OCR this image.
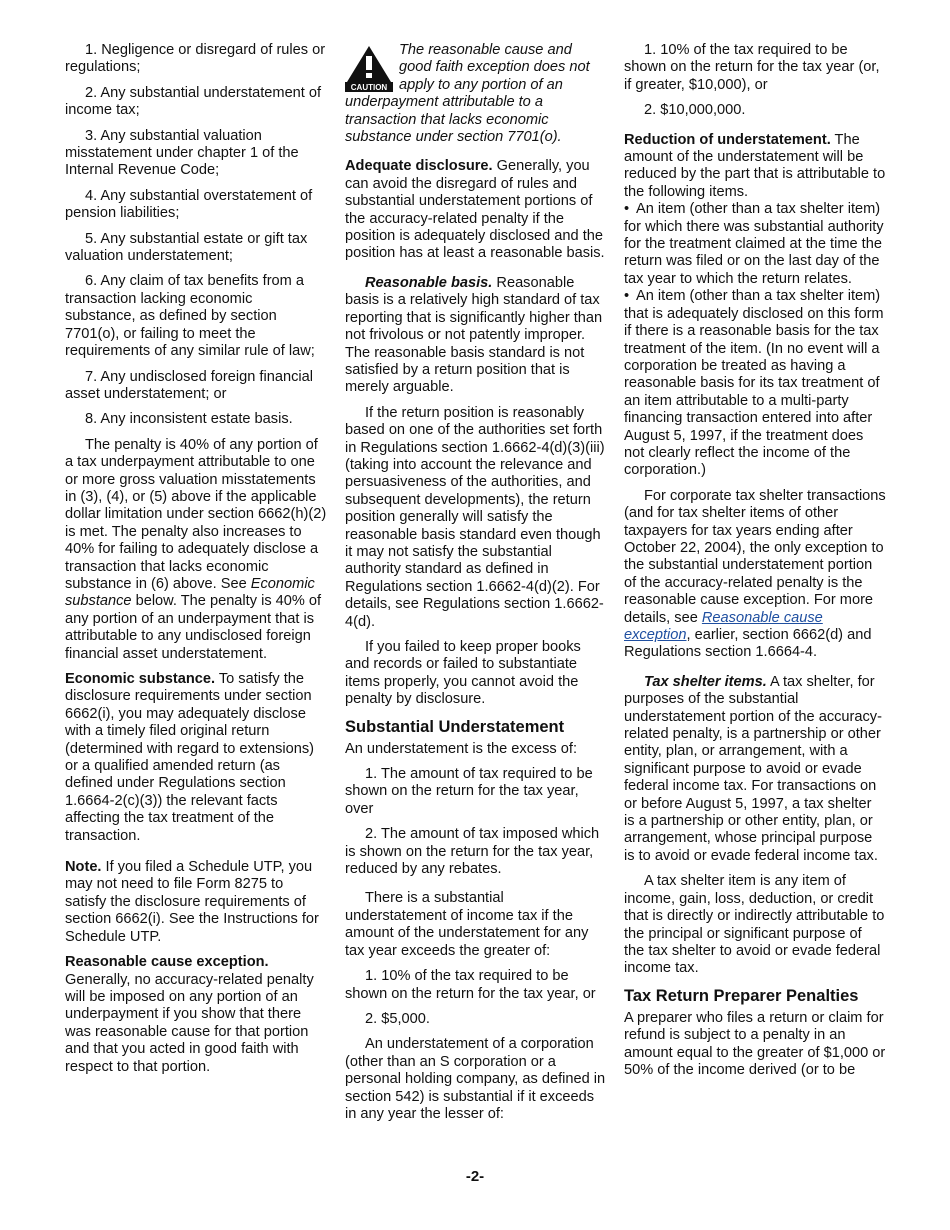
1. Negligence or disregard of rules or regulations;

2. Any substantial understatement of income tax;

3. Any substantial valuation misstatement under chapter 1 of the Internal Revenue Code;

4. Any substantial overstatement of pension liabilities;

5. Any substantial estate or gift tax valuation understatement;

6. Any claim of tax benefits from a transaction lacking economic substance, as defined by section 7701(o), or failing to meet the requirements of any similar rule of law;

7. Any undisclosed foreign financial asset understatement; or

8. Any inconsistent estate basis.

The penalty is 40% of any portion of a tax underpayment attributable to one or more gross valuation misstatements in (3), (4), or (5) above if the applicable dollar limitation under section 6662(h)(2) is met. The penalty also increases to 40% for failing to adequately disclose a transaction that lacks economic substance in (6) above. See Economic substance below. The penalty is 40% of any portion of an underpayment that is attributable to any undisclosed foreign financial asset understatement.

Economic substance. To satisfy the disclosure requirements under section 6662(i), you may adequately disclose with a timely filed original return (determined with regard to extensions) or a qualified amended return (as defined under Regulations section 1.6664-2(c)(3)) the relevant facts affecting the tax treatment of the transaction.

Note. If you filed a Schedule UTP, you may not need to file Form 8275 to satisfy the disclosure requirements of section 6662(i). See the Instructions for Schedule UTP.

Reasonable cause exception.

Generally, no accuracy-related penalty will be imposed on any portion of an underpayment if you show that there was reasonable cause for that portion and that you acted in good faith with respect to that portion.

CAUTION
The reasonable cause and good faith exception does not apply to any portion of an underpayment attributable to a transaction that lacks economic substance under section 7701(o).

Adequate disclosure. Generally, you can avoid the disregard of rules and substantial understatement portions of the accuracy-related penalty if the position is adequately disclosed and the position has at least a reasonable basis.

Reasonable basis. Reasonable basis is a relatively high standard of tax reporting that is significantly higher than not frivolous or not patently improper. The reasonable basis standard is not satisfied by a return position that is merely arguable.

If the return position is reasonably based on one of the authorities set forth in Regulations section 1.6662-4(d)(3)(iii) (taking into account the relevance and persuasiveness of the authorities, and subsequent developments), the return position generally will satisfy the reasonable basis standard even though it may not satisfy the substantial authority standard as defined in Regulations section 1.6662-4(d)(2). For details, see Regulations section 1.6662-4(d).

If you failed to keep proper books and records or failed to substantiate items properly, you cannot avoid the penalty by disclosure.

Substantial Understatement

An understatement is the excess of:

1. The amount of tax required to be shown on the return for the tax year, over

2. The amount of tax imposed which is shown on the return for the tax year, reduced by any rebates.

There is a substantial understatement of income tax if the amount of the understatement for any tax year exceeds the greater of:

1. 10% of the tax required to be shown on the return for the tax year, or

2. $5,000.

An understatement of a corporation (other than an S corporation or a personal holding company, as defined in section 542) is substantial if it exceeds in any year the lesser of:

1. 10% of the tax required to be shown on the return for the tax year (or, if greater, $10,000), or

2. $10,000,000.

Reduction of understatement. The amount of the understatement will be reduced by the part that is attributable to the following items.

• An item (other than a tax shelter item) for which there was substantial authority for the treatment claimed at the time the return was filed or on the last day of the tax year to which the return relates.

• An item (other than a tax shelter item) that is adequately disclosed on this form if there is a reasonable basis for the tax treatment of the item. (In no event will a corporation be treated as having a reasonable basis for its tax treatment of an item attributable to a multi-party financing transaction entered into after August 5, 1997, if the treatment does not clearly reflect the income of the corporation.)

For corporate tax shelter transactions (and for tax shelter items of other taxpayers for tax years ending after October 22, 2004), the only exception to the substantial understatement portion of the accuracy-related penalty is the reasonable cause exception. For more details, see Reasonable cause exception, earlier, section 6662(d) and Regulations section 1.6664-4.

Tax shelter items. A tax shelter, for purposes of the substantial understatement portion of the accuracy-related penalty, is a partnership or other entity, plan, or arrangement, with a significant purpose to avoid or evade federal income tax. For transactions on or before August 5, 1997, a tax shelter is a partnership or other entity, plan, or arrangement, whose principal purpose is to avoid or evade federal income tax.

A tax shelter item is any item of income, gain, loss, deduction, or credit that is directly or indirectly attributable to the principal or significant purpose of the tax shelter to avoid or evade federal income tax.

Tax Return Preparer Penalties

A preparer who files a return or claim for refund is subject to a penalty in an amount equal to the greater of $1,000 or 50% of the income derived (or to be

-2-
